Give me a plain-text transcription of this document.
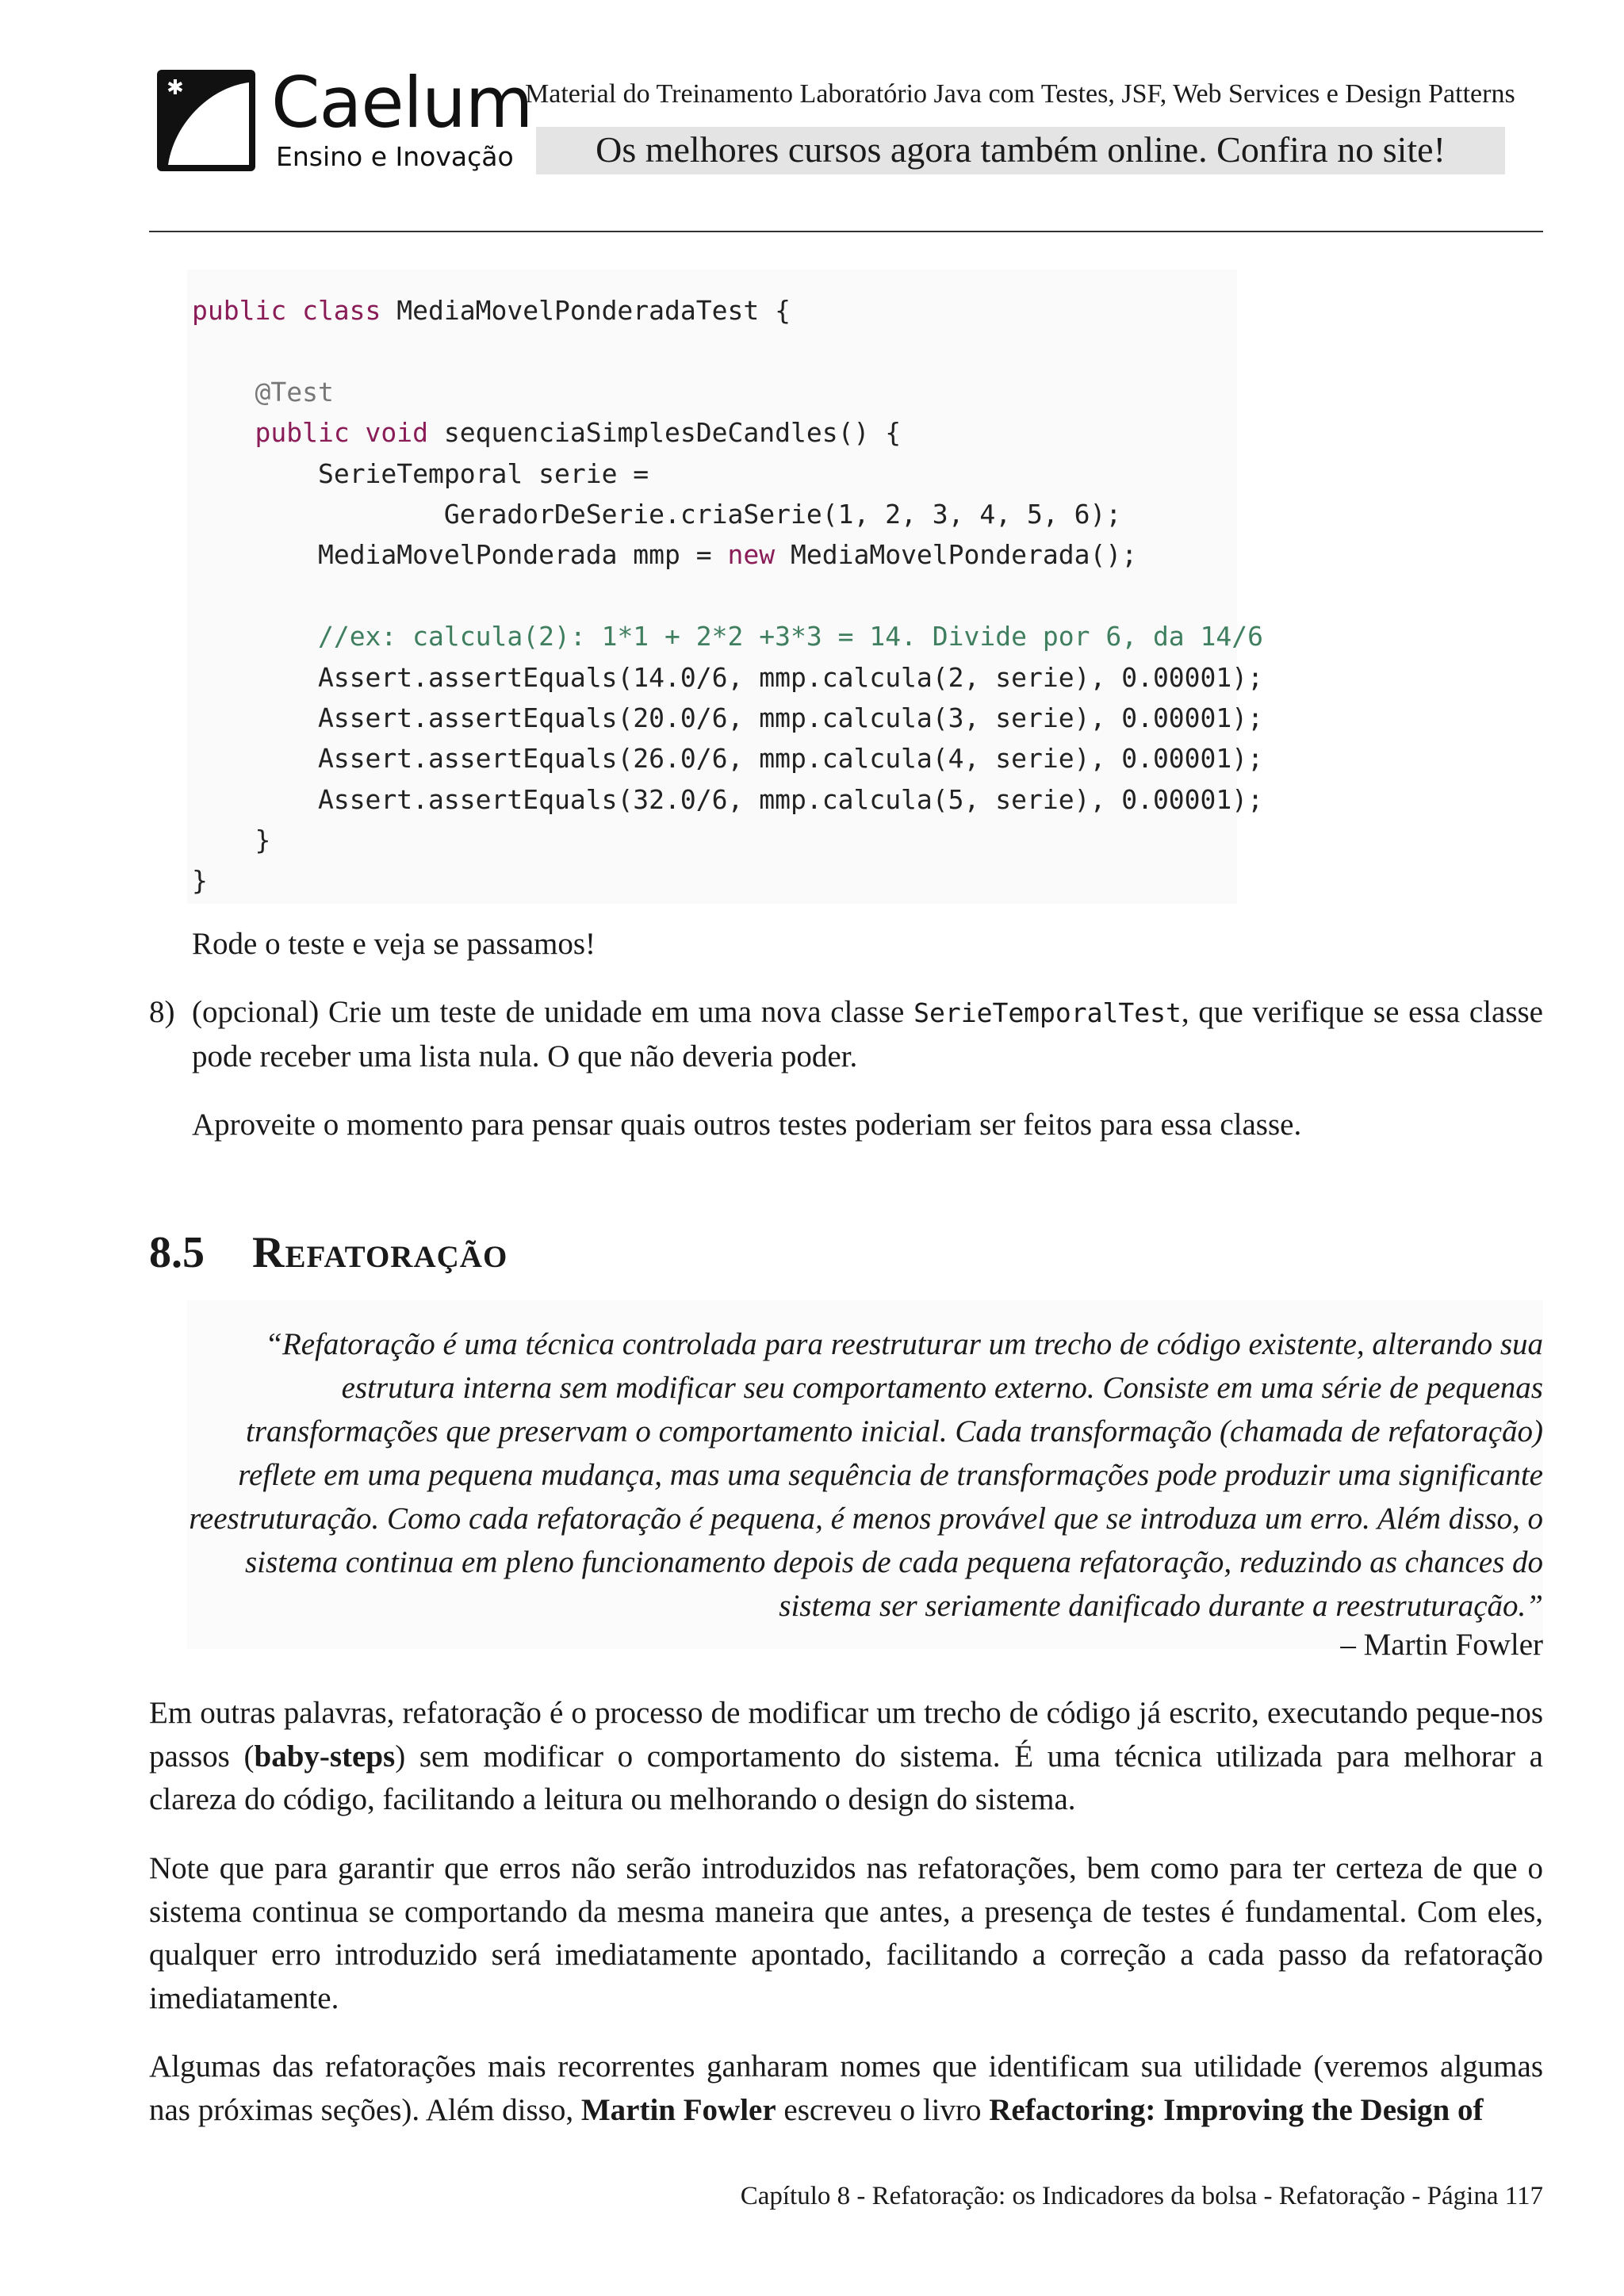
✱ Caelum
Ensino e Inovação
Material do Treinamento Laboratório Java com Testes, JSF, Web Services e Design Patterns
Os melhores cursos agora também online. Confira no site!
public class MediaMovelPonderadaTest {

@Test
public void sequenciaSimplesDeCandles() {
SerieTemporal serie =
GeradorDeSerie.criaSerie(1, 2, 3, 4, 5, 6);
MediaMovelPonderada mmp = new MediaMovelPonderada();

//ex: calcula(2): 1*1 + 2*2 +3*3 = 14. Divide por 6, da 14/6
Assert.assertEquals(14.0/6, mmp.calcula(2, serie), 0.00001);
Assert.assertEquals(20.0/6, mmp.calcula(3, serie), 0.00001);
Assert.assertEquals(26.0/6, mmp.calcula(4, serie), 0.00001);
Assert.assertEquals(32.0/6, mmp.calcula(5, serie), 0.00001);
}
}
Rode o teste e veja se passamos!
8) (opcional) Crie um teste de unidade em uma nova classe SerieTemporalTest, que verifique se essa classe pode receber uma lista nula. O que não deveria poder.
Aproveite o momento para pensar quais outros testes poderiam ser feitos para essa classe.
8.5 Refatoração
“Refatoração é uma técnica controlada para reestruturar um trecho de código existente, alterando sua
estrutura interna sem modificar seu comportamento externo. Consiste em uma série de pequenas
transformações que preservam o comportamento inicial. Cada transformação (chamada de refatoração)
reflete em uma pequena mudança, mas uma sequência de transformações pode produzir uma significante
reestruturação. Como cada refatoração é pequena, é menos provável que se introduza um erro. Além disso, o
sistema continua em pleno funcionamento depois de cada pequena refatoração, reduzindo as chances do
sistema ser seriamente danificado durante a reestruturação.”
– Martin Fowler
Em outras palavras, refatoração é o processo de modificar um trecho de código já escrito, executando peque-nos passos (baby-steps) sem modificar o comportamento do sistema. É uma técnica utilizada para melhorar a clareza do código, facilitando a leitura ou melhorando o design do sistema.
Note que para garantir que erros não serão introduzidos nas refatorações, bem como para ter certeza de que o sistema continua se comportando da mesma maneira que antes, a presença de testes é fundamental. Com eles, qualquer erro introduzido será imediatamente apontado, facilitando a correção a cada passo da refatoração imediatamente.
Algumas das refatorações mais recorrentes ganharam nomes que identificam sua utilidade (veremos algumas nas próximas seções). Além disso, Martin Fowler escreveu o livro Refactoring: Improving the Design of
Capítulo 8 - Refatoração: os Indicadores da bolsa - Refatoração - Página 117
